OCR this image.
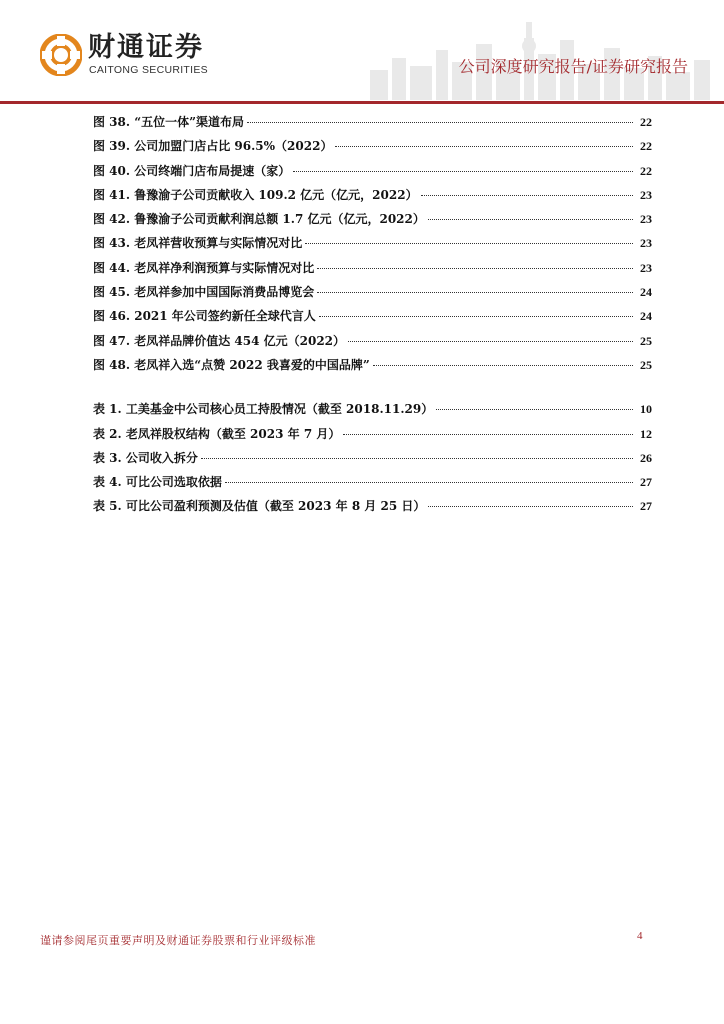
财通证券
CAITONG SECURITIES	公司深度研究报告/证券研究报告
图 38. “五位一体”渠道布局	22
图 39. 公司加盟门店占比 96.5%（2022）	22
图 40. 公司终端门店布局提速（家）	22
图 41. 鲁豫渝子公司贡献收入 109.2 亿元（亿元，2022）	23
图 42. 鲁豫渝子公司贡献利润总额 1.7 亿元（亿元，2022）	23
图 43. 老凤祥营收预算与实际情况对比	23
图 44. 老凤祥净利润预算与实际情况对比	23
图 45. 老凤祥参加中国国际消费品博览会	24
图 46. 2021 年公司签约新任全球代言人	24
图 47. 老凤祥品牌价值达 454 亿元（2022）	25
图 48. 老凤祥入选“点赞 2022 我喜爱的中国品牌”	25
表 1. 工美基金中公司核心员工持股情况（截至 2018.11.29）	10
表 2. 老凤祥股权结构（截至 2023 年 7 月）	12
表 3. 公司收入拆分	26
表 4. 可比公司选取依据	27
表 5. 可比公司盈利预测及估值（截至 2023 年 8 月 25 日）	27
谨请参阅尾页重要声明及财通证券股票和行业评级标准	4
